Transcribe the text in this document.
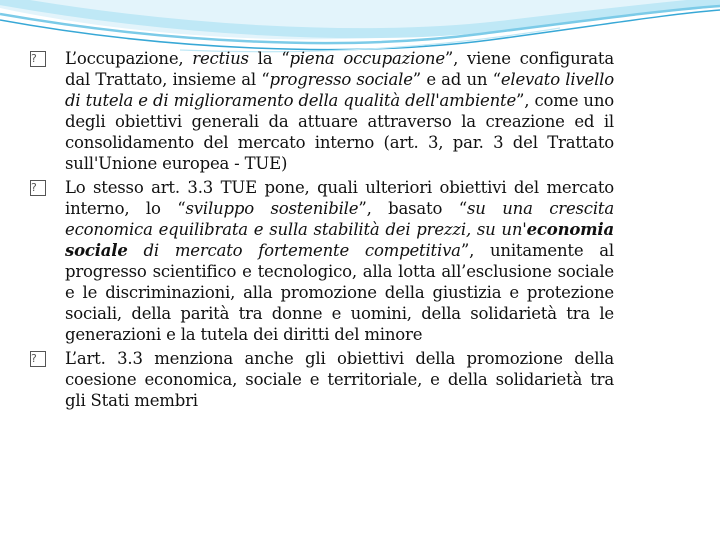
?	L’occupazione, rectius la “piena occupazione”, viene configurata dal Trattato, insieme al “progresso sociale” e ad un “elevato livello di tutela e di miglioramento della qualità dell'ambiente”, come uno degli obiettivi generali da attuare attraverso la creazione ed il consolidamento del mercato interno (art. 3, par. 3 del Trattato sull'Unione europea - TUE)
?	Lo stesso art. 3.3 TUE pone, quali ulteriori obiettivi del mercato interno, lo “sviluppo sostenibile”, basato “su una crescita economica equilibrata e sulla stabilità dei prezzi, su un'economia sociale di mercato fortemente competitiva”, unitamente al progresso scientifico e tecnologico, alla lotta all’esclusione sociale e le discriminazioni, alla promozione della giustizia e protezione sociali, della parità tra donne e uomini, della solidarietà tra le generazioni e la tutela dei diritti del minore
?	L’art. 3.3 menziona anche gli obiettivi della promozione della coesione economica, sociale e territoriale, e della solidarietà tra gli Stati membri
